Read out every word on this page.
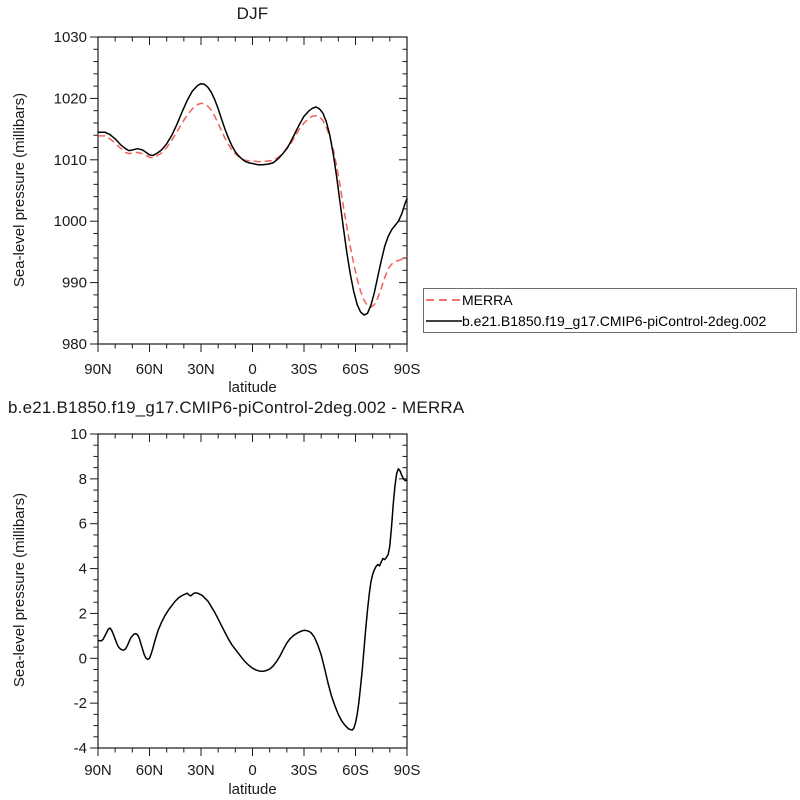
90N 60N 30N 0 30S 60S 90S
980
990
1000
1010
1020
1030
90N 60N 30N 0 30S 60S 90S
-4
-2
0
2
4
6
8
10
DJF
Sea-level pressure (millibars)
latitude
MERRA
b.e21.B1850.f19_g17.CMIP6-piControl-2deg.002
b.e21.B1850.f19_g17.CMIP6-piControl-2deg.002 - MERRA
Sea-level pressure (millibars)
latitude
